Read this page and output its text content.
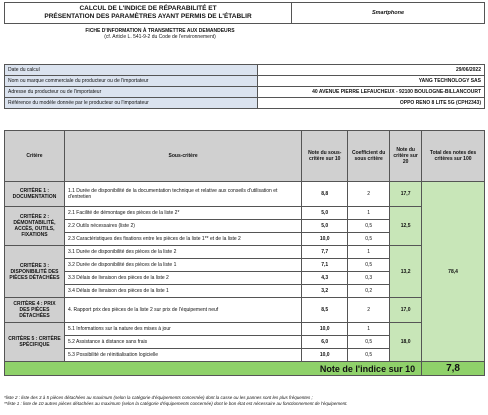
CALCUL DE L'INDICE DE RÉPARABILITÉ ET
PRÉSENTATION DES PARAMÈTRES AYANT PERMIS DE L'ÉTABLIR	Smartphone
FICHE D'INFORMATION À TRANSMETTRE AUX DEMANDEURS
(cf. Article L. 541-9-2 du Code de l'environnement)
Date du calcul	29/06/2022
Nom ou marque commerciale du producteur ou de l'importateur	YANG TECHNOLOGY SAS
Adresse du producteur ou de l'importateur	40 AVENUE PIERRE LEFAUCHEUX - 92100 BOULOGNE-BILLANCOURT
Référence du modèle donnée par le producteur ou l'importateur	OPPO RENO 8 LITE 5G (CPH2343)
Critère	Sous-critère	Note du sous-critère sur 10	Coefficient du sous critère	Note du critère sur 20	Total des notes des critères sur 100
CRITÈRE 1 : DOCUMENTATION	1.1 Durée de disponibilité de la documentation technique et relative aux conseils d'utilisation et d'entretien	8,8	2	17,7	78,4
CRITÈRE 2 : DÉMONTABILITÉ, ACCÈS, OUTILS, FIXATIONS	2.1 Facilité de démontage des pièces de la liste 2*	5,0	1	12,5	
	2.2 Outils nécessaires (liste 2)	5,0	0,5		
	2.3 Caractéristiques des fixations entre les pièces de la liste 1** et de la liste 2	10,0	0,5		
CRITÈRE 3 : DISPONIBILITÉ DES PIÈCES DÉTACHÉES	3.1 Durée de disponibilité des pièces de la liste 2	7,7	1	13,2	
	3.2 Durée de disponibilité des pièces de la liste 1	7,1	0,5		
	3.3 Délais de livraison des pièces de la liste 2	4,3	0,3		
	3.4 Délais de livraison des pièces de la liste 1	3,2	0,2		
CRITÈRE 4 : PRIX DES PIÈCES DÉTACHÉES	4. Rapport prix des pièces de la liste 2 sur prix de l'équipement neuf	8,5	2	17,0	
CRITÈRE 5 : CRITÈRE SPÉCIFIQUE	5.1 Informations sur la nature des mises à jour	10,0	1	18,0	
	5.2 Assistance à distance sans frais	6,0	0,5		
	5.3 Possibilité de réinitialisation logicielle	10,0	0,5		
Note de l'indice sur 10					7,8
*liste 2 : liste des 3 à 5 pièces détachées au maximum (selon la catégorie d'équipements concernée) dont la casse ou les pannes sont les plus fréquentes ;
**liste 1 : liste de 10 autres pièces détachées au maximum (selon la catégorie d'équipements concernée) dont le bon état est nécessaire au fonctionnement de l'équipement.
